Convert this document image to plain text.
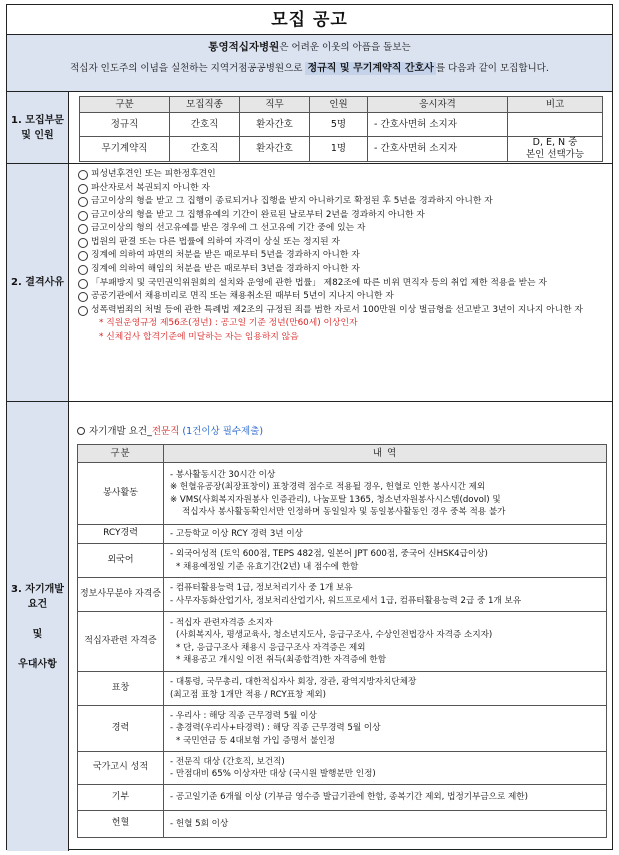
모집 공고
통영적십자병원은 어려운 이웃의 아픔을 돌보는
적십자 인도주의 이념을 실천하는 지역거점공공병원으로 정규직 및 무기계약직 간호사 를 다음과 같이 모집합니다.
1. 모집부문
및 인원
구분	모집직종	직무	인원	응시자격	비고
정규직	간호직	환자간호	5명	- 간호사면허 소지자	
무기계약직	간호직	환자간호	1명	- 간호사면허 소지자	D, E, N 중
본인 선택가능
2. 결격사유
피성년후견인 또는 피한정후견인
파산자로서 복권되지 아니한 자
금고이상의 형을 받고 그 집행이 종료되거나 집행을 받지 아니하기로 확정된 후 5년을 경과하지 아니한 자
금고이상의 형을 받고 그 집행유예의 기간이 완료된 날로부터 2년을 경과하지 아니한 자
금고이상의 형의 선고유예를 받은 경우에 그 선고유예 기간 중에 있는 자
법원의 판결 또는 다른 법률에 의하여 자격이 상실 또는 정지된 자
징계에 의하여 파면의 처분을 받은 때로부터 5년을 경과하지 아니한 자
징계에 의하여 해임의 처분을 받은 때로부터 3년을 경과하지 아니한 자
「부패방지 및 국민권익위원회의 설치와 운영에 관한 법률」 제82조에 따른 비위 면직자 등의 취업 제한 적용을 받는 자
공공기관에서 채용비리로 면직 또는 채용취소된 때부터 5년이 지나지 아니한 자
성폭력범죄의 처벌 등에 관한 특례법 제2조의 규정된 죄를 범한 자로서 100만원 이상 벌금형을 선고받고 3년이 지나지 아니한 자
* 직원운영규정 제56조(정년) : 공고일 기준 정년(만60세) 이상인자
* 신체검사 합격기준에 미달하는 자는 임용하지 않음
3. 자기개발
요건

및

우대사항
자기개발 요건_전문직 (1건이상 필수제출)
구분	내 역
봉사활동	- 봉사활동시간 30시간 이상
※ 헌혈유공장(최장표창이) 표창경력 점수로 적용될 경우, 헌혈로 인한 봉사시간 제외
※ VMS(사회복지자원봉사 인증관리), 나눔포탈 1365, 청소년자원봉사시스템(dovol) 및
적십자사 봉사활동확인서만 인정하며 동일일자 및 동일봉사활동인 경우 중복 적용 불가

RCY경력	- 고등학교 이상 RCY 경력 3년 이상

외국어	- 외국어성적 (토익 600점, TEPS 482점, 일본어 JPT 600점, 중국어 신HSK4급이상)
* 채용예정일 기준 유효기간(2년) 내 점수에 한함

정보사무분야 자격증	- 컴퓨터활용능력 1급, 정보처리기사 중 1개 보유
- 사무자동화산업기사, 정보처리산업기사, 워드프로세서 1급, 컴퓨터활용능력 2급 중 1개 보유

적십자관련 자격증	- 적십자 관련자격증 소지자
(사회복지사, 평생교육사, 청소년지도사, 응급구조사, 수상인전법강사 자격증 소지자)
* 단, 응급구조사 채용시 응급구조사 자격증은 제외
* 채용공고 개시일 이전 취득(최종합격)한 자격증에 한함

표창	- 대통령, 국무총리, 대한적십자사 회장, 장관, 광역지방자치단체장
(최고점 표창 1개만 적용 / RCY표창 제외)

경력	- 우리사 : 해당 직종 근무경력 5월 이상
- 총경력(우리사+타경력) : 해당 직종 근무경력 5월 이상
* 국민연금 등 4대보험 가입 증명서 불인정

국가고시 성적	- 전문직 대상 (간호직, 보건직)
- 만점대비 65% 이상자만 대상 (국시원 발행분만 인정)

기부	- 공고일기준 6개월 이상 (기부금 영수증 발급기관에 한함, 종복기간 제외, 법정기부금으로 제한)

헌혈	- 헌혈 5회 이상
